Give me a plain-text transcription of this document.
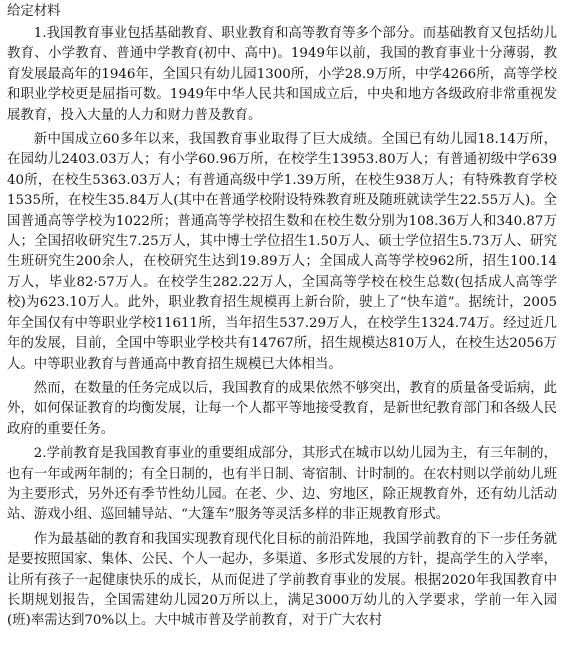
给定材料

1.我国教育事业包括基础教育、职业教育和高等教育等多个部分。而基础教育又包括幼儿教育、小学教育、普通中学教育(初中、高中)。1949年以前，我国的教育事业十分薄弱，教育发展最高年的1946年，全国只有幼儿园1300所，小学28.9万所，中学4266所，高等学校和职业学校更是屈指可数。1949年中华人民共和国成立后，中央和地方各级政府非常重视发展教育，投入大量的人力和财力普及教育。

新中国成立60多年以来，我国教育事业取得了巨大成绩。全国已有幼儿园18.14万所，在园幼儿2403.03万人；有小学60.96万所，在校学生13953.80万人；有普通初级中学63940所，在校生5363.03万人；有普通高级中学1.39万所，在校生938万人；有特殊教育学校1535所，在校生35.84万人(其中在普通学校附设特殊教育班及随班就读学生22.55万人)。全国普通高等学校为1022所；普通高等学校招生数和在校生数分别为108.36万人和340.87万人；全国招收研究生7.25万人，其中博士学位招生1.50万人、硕士学位招生5.73万人、研究生班研究生200余人，在校研究生达到19.89万人；全国成人高等学校962所，招生100.14万人，毕业82·57万人。在校学生282.22万人，全国高等学校在校生总数(包括成人高等学校)为623.10万人。此外，职业教育招生规模再上新台阶，驶上了“快车道”。据统计，2005年全国仅有中等职业学校11611所，当年招生537.29万人，在校学生1324.74万。经过近几年的发展，目前，全国中等职业学校共有14767所，招生规模达810万人，在校生达2056万人。中等职业教育与普通高中教育招生规模已大体相当。

然而，在数量的任务完成以后，我国教育的成果依然不够突出，教育的质量备受诟病，此外，如何保证教育的均衡发展，让每一个人都平等地接受教育，是新世纪教育部门和各级人民政府的重要任务。

2.学前教育是我国教育事业的重要组成部分，其形式在城市以幼儿园为主，有三年制的，也有一年或两年制的；有全日制的，也有半日制、寄宿制、计时制的。在农村则以学前幼儿班为主要形式，另外还有季节性幼儿园。在老、少、边、穷地区，除正规教育外，还有幼儿活动站、游戏小组、巡回辅导站、“大篷车”服务等灵活多样的非正规教育形式。

作为最基础的教育和我国实现教育现代化目标的前沿阵地，我国学前教育的下一步任务就是要按照国家、集体、公民、个人一起办，多渠道、多形式发展的方针，提高学生的入学率，让所有孩子一起健康快乐的成长，从而促进了学前教育事业的发展。根据2020年我国教育中长期规划报告，全国需建幼儿园20万所以上，满足3000万幼儿的入学要求，学前一年入园(班)率需达到70%以上。大中城市普及学前教育，对于广大农村
